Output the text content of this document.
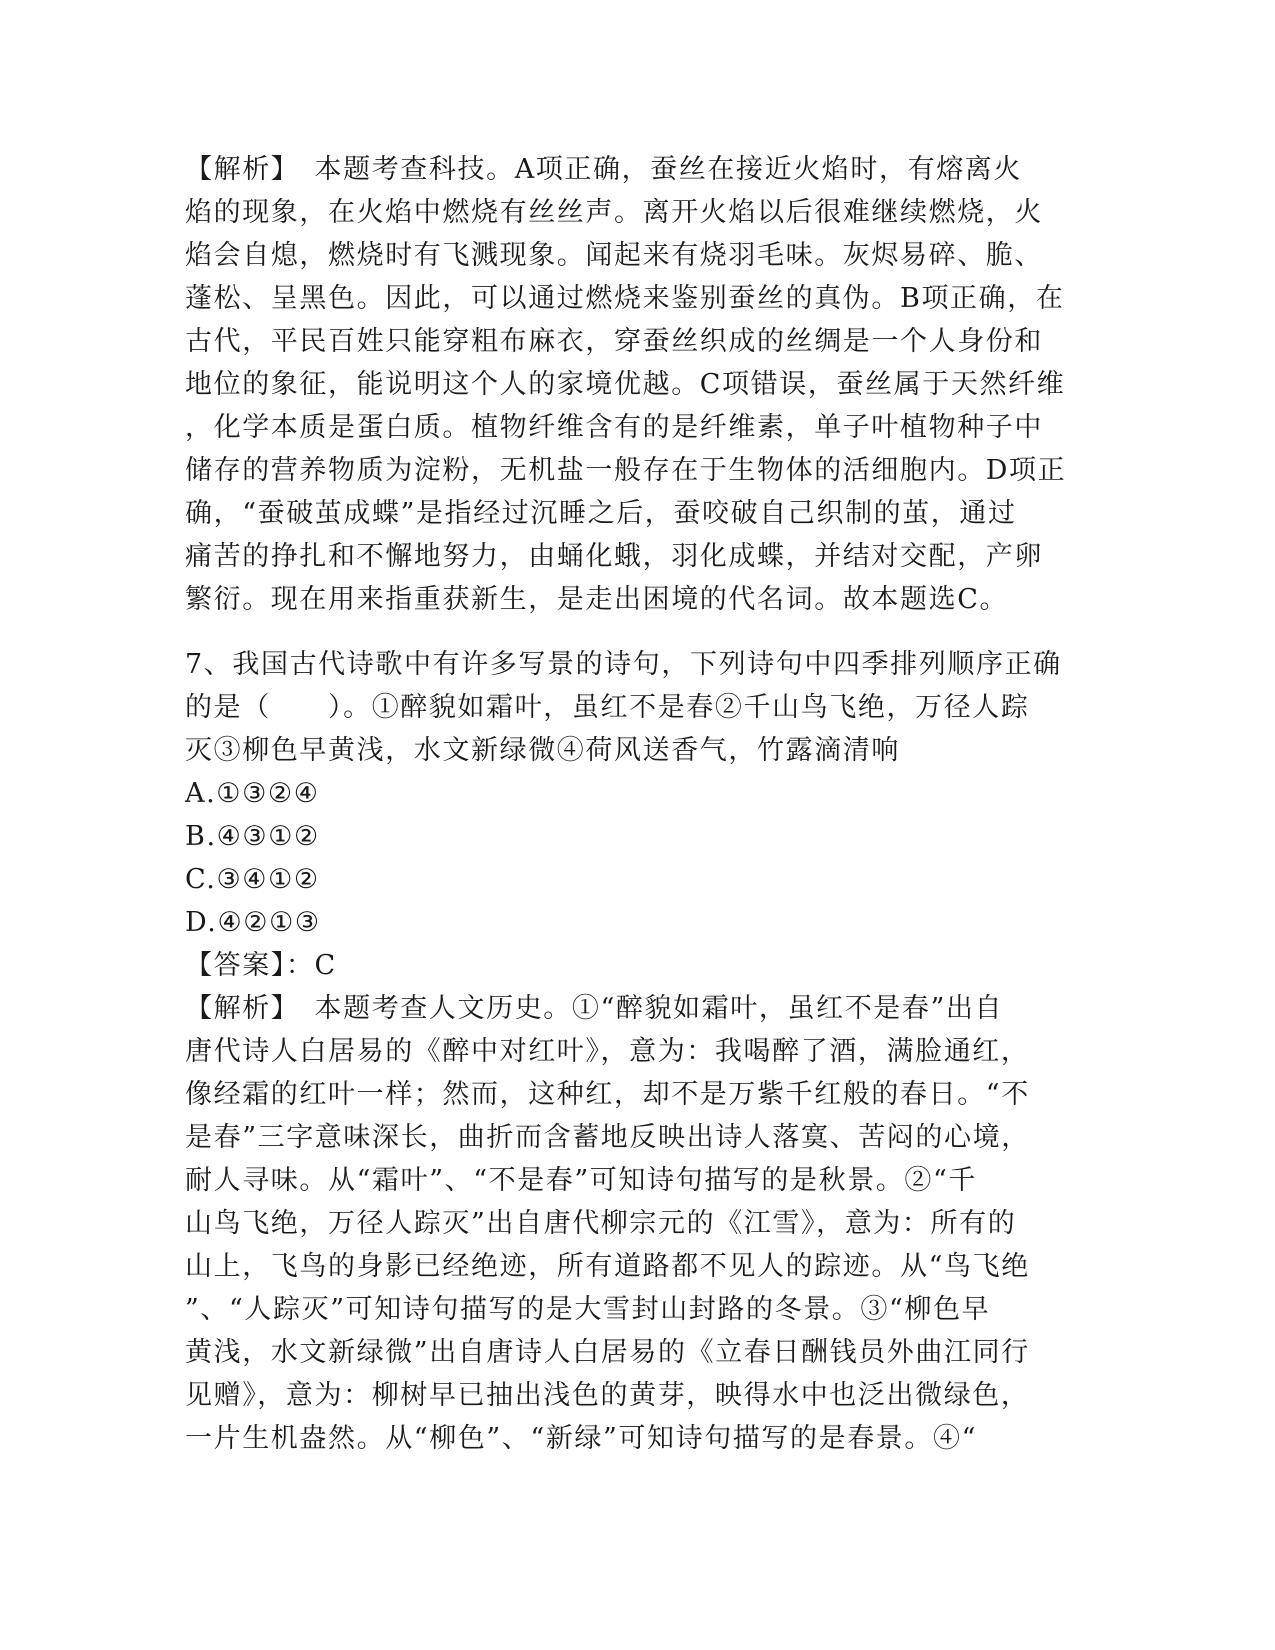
【解析】　本题考查科技。A项正确，蚕丝在接近火焰时，有熔离火
焰的现象，在火焰中燃烧有丝丝声。离开火焰以后很难继续燃烧，火
焰会自熄，燃烧时有飞溅现象。闻起来有烧羽毛味。灰烬易碎、脆、
蓬松、呈黑色。因此，可以通过燃烧来鉴别蚕丝的真伪。B项正确，在
古代，平民百姓只能穿粗布麻衣，穿蚕丝织成的丝绸是一个人身份和
地位的象征，能说明这个人的家境优越。C项错误，蚕丝属于天然纤维
，化学本质是蛋白质。植物纤维含有的是纤维素，单子叶植物种子中
储存的营养物质为淀粉，无机盐一般存在于生物体的活细胞内。D项正
确，“蚕破茧成蝶”是指经过沉睡之后，蚕咬破自己织制的茧，通过
痛苦的挣扎和不懈地努力，由蛹化蛾，羽化成蝶，并结对交配，产卵
繁衍。现在用来指重获新生，是走出困境的代名词。故本题选C。
7、我国古代诗歌中有许多写景的诗句，下列诗句中四季排列顺序正确
的是（　　）。①醉貌如霜叶，虽红不是春②千山鸟飞绝，万径人踪
灭③柳色早黄浅，水文新绿微④荷风送香气，竹露滴清响
A.①③②④
B.④③①②
C.③④①②
D.④②①③
【答案】：C
【解析】　本题考查人文历史。①“醉貌如霜叶，虽红不是春”出自
唐代诗人白居易的《醉中对红叶》，意为：我喝醉了酒，满脸通红，
像经霜的红叶一样；然而，这种红，却不是万紫千红般的春日。“不
是春”三字意味深长，曲折而含蓄地反映出诗人落寞、苦闷的心境，
耐人寻味。从“霜叶”、“不是春”可知诗句描写的是秋景。②“千
山鸟飞绝，万径人踪灭”出自唐代柳宗元的《江雪》，意为：所有的
山上，飞鸟的身影已经绝迹，所有道路都不见人的踪迹。从“鸟飞绝
”、“人踪灭”可知诗句描写的是大雪封山封路的冬景。③“柳色早
黄浅，水文新绿微”出自唐诗人白居易的《立春日酬钱员外曲江同行
见赠》，意为：柳树早已抽出浅色的黄芽，映得水中也泛出微绿色，
一片生机盎然。从“柳色”、“新绿”可知诗句描写的是春景。④“
